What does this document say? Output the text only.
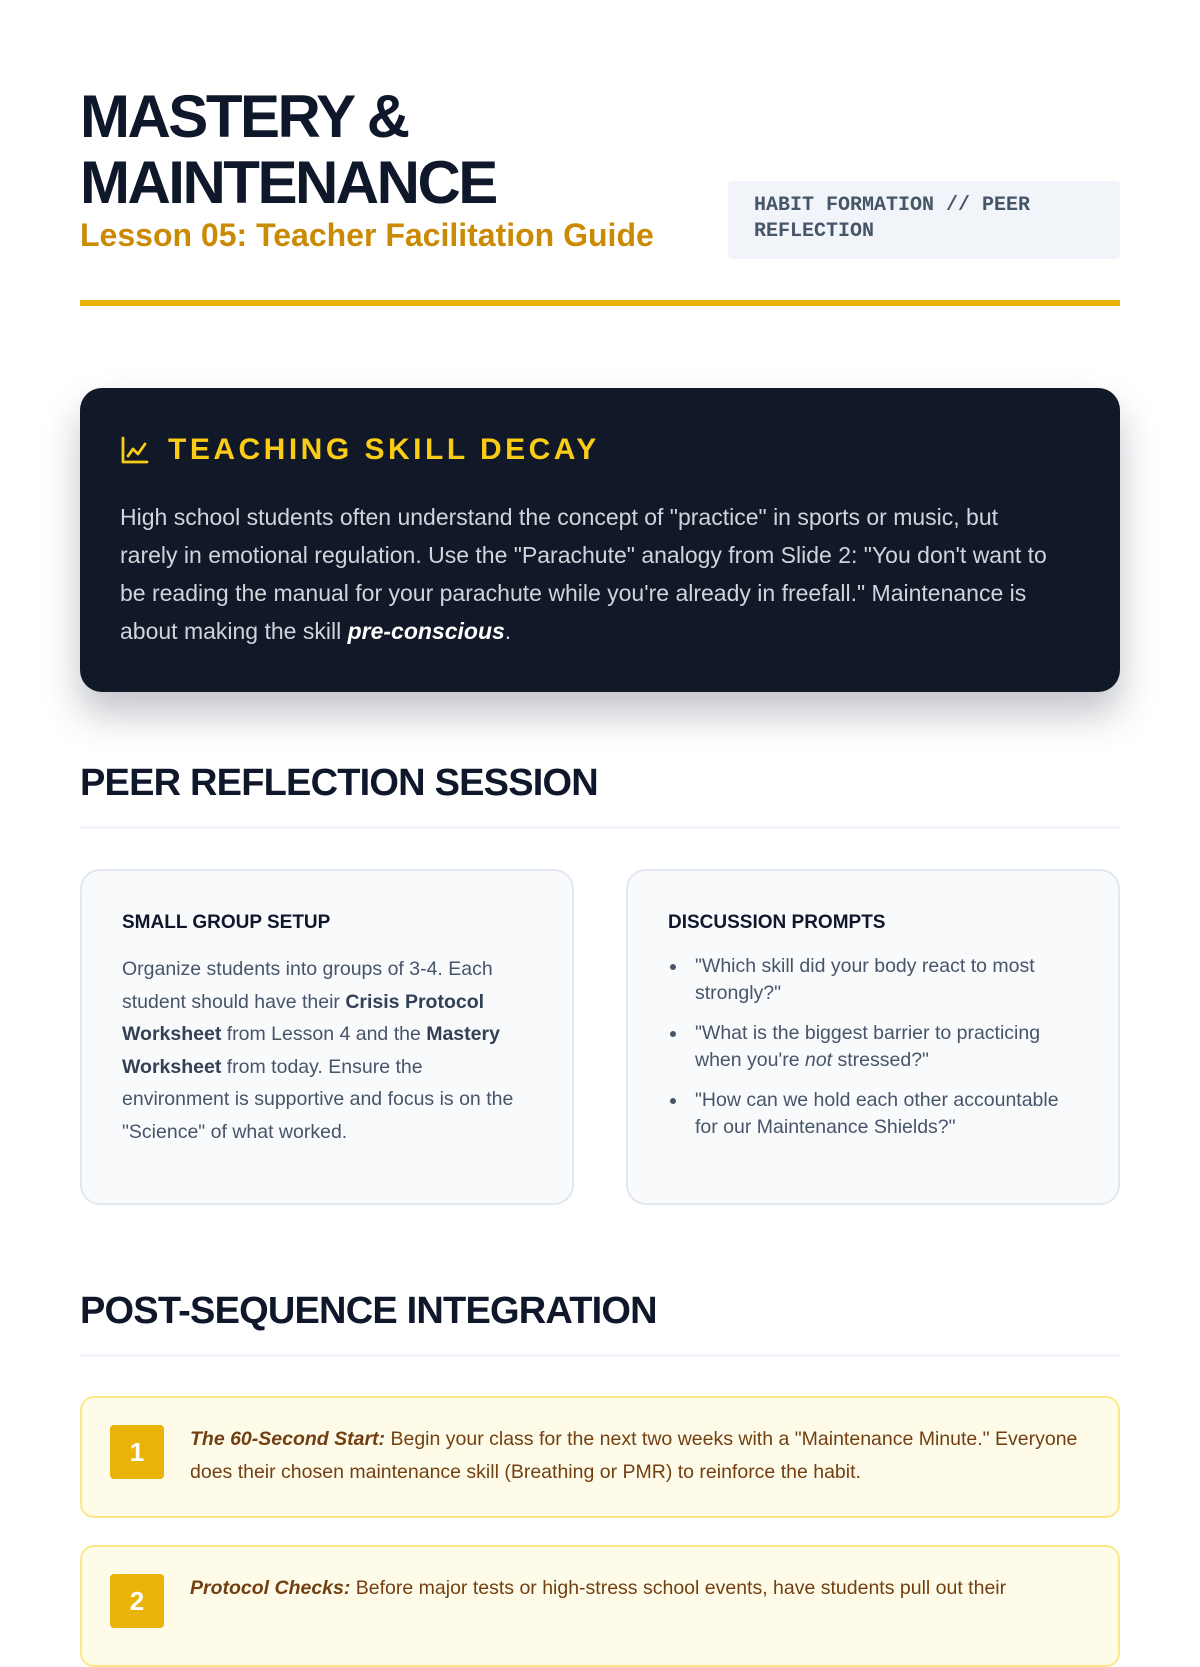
MASTERY &
MAINTENANCE
Lesson 05: Teacher Facilitation Guide
HABIT FORMATION // PEER REFLECTION
TEACHING SKILL DECAY
High school students often understand the concept of "practice" in sports or music, but rarely in emotional regulation. Use the "Parachute" analogy from Slide 2: "You don't want to be reading the manual for your parachute while you're already in freefall." Maintenance is about making the skill pre-conscious.
PEER REFLECTION SESSION
SMALL GROUP SETUP
Organize students into groups of 3-4. Each student should have their Crisis Protocol Worksheet from Lesson 4 and the Mastery Worksheet from today. Ensure the environment is supportive and focus is on the "Science" of what worked.
DISCUSSION PROMPTS
"Which skill did your body react to most strongly?"
"What is the biggest barrier to practicing when you're not stressed?"
"How can we hold each other accountable for our Maintenance Shields?"
POST-SEQUENCE INTEGRATION
1	The 60-Second Start: Begin your class for the next two weeks with a "Maintenance Minute." Everyone does their chosen maintenance skill (Breathing or PMR) to reinforce the habit.
2	Protocol Checks: Before major tests or high-stress school events, have students pull out their
